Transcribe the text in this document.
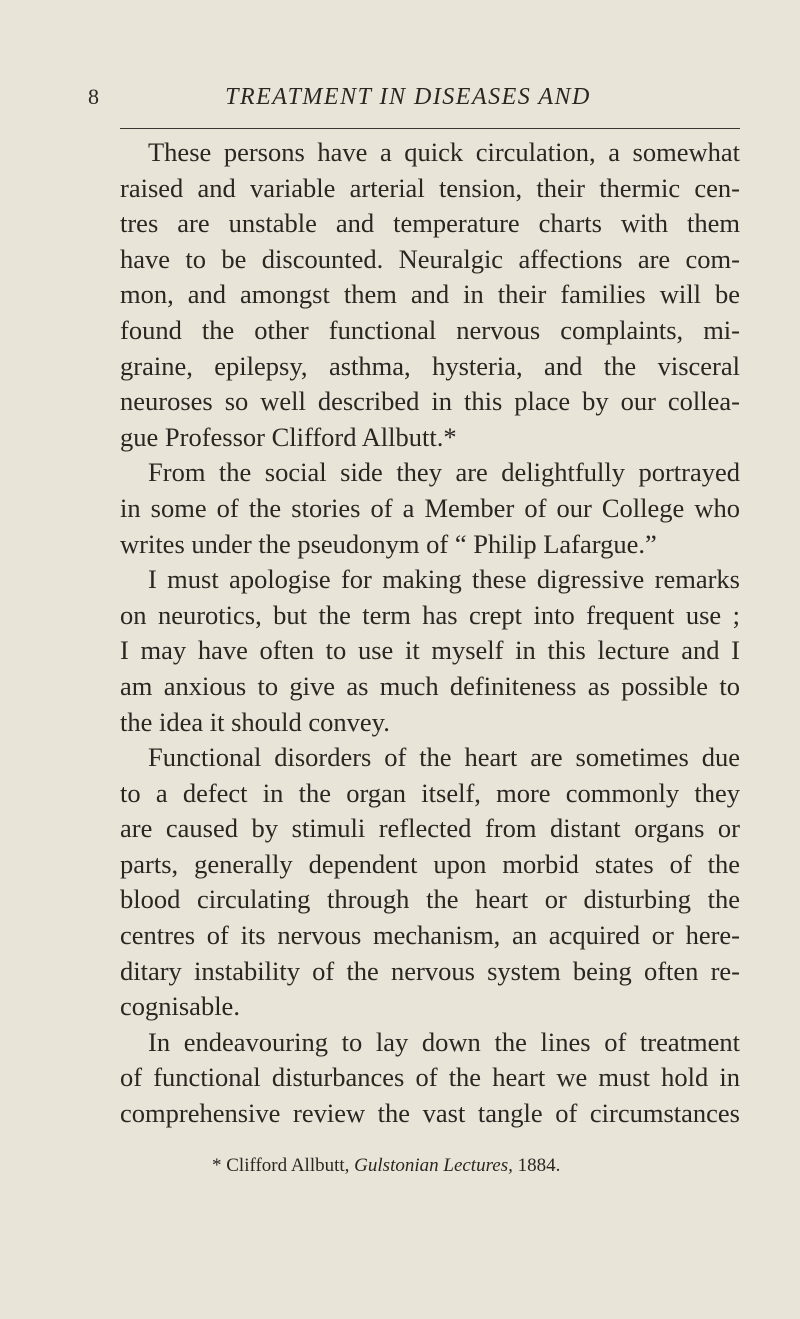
8	TREATMENT IN DISEASES AND
These persons have a quick circulation, a somewhat
raised and variable arterial tension, their thermic cen-
tres are unstable and temperature charts with them
have to be discounted. Neuralgic affections are com-
mon, and amongst them and in their families will be
found the other functional nervous complaints, mi-
graine, epilepsy, asthma, hysteria, and the visceral
neuroses so well described in this place by our collea-
gue Professor Clifford Allbutt.*
From the social side they are delightfully portrayed
in some of the stories of a Member of our College who
writes under the pseudonym of “ Philip Lafargue.”
I must apologise for making these digressive remarks
on neurotics, but the term has crept into frequent use ;
I may have often to use it myself in this lecture and I
am anxious to give as much definiteness as possible to
the idea it should convey.
Functional disorders of the heart are sometimes due
to a defect in the organ itself, more commonly they
are caused by stimuli reflected from distant organs or
parts, generally dependent upon morbid states of the
blood circulating through the heart or disturbing the
centres of its nervous mechanism, an acquired or here-
ditary instability of the nervous system being often re-
cognisable.
In endeavouring to lay down the lines of treatment
of functional disturbances of the heart we must hold in
comprehensive review the vast tangle of circumstances
* Clifford Allbutt, Gulstonian Lectures, 1884.
